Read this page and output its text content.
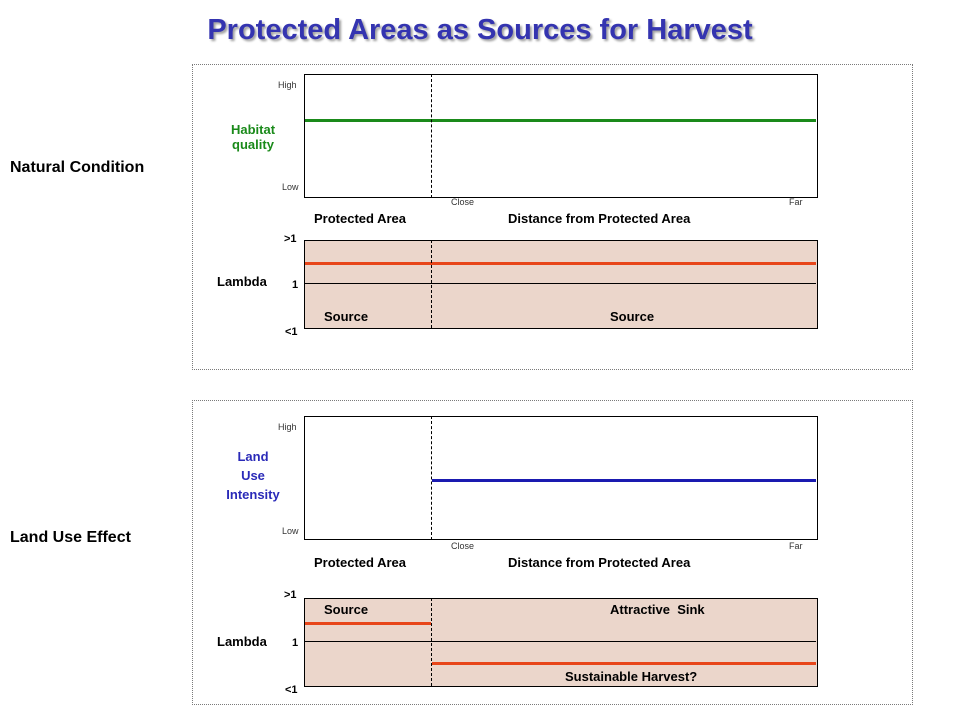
Protected Areas as Sources for Harvest
Natural Condition
High
Low
Habitat
quality
Close	Far
Protected Area	Distance from Protected Area
>1
1
<1
Lambda
Source	Source
Land Use Effect
High
Low
Land
Use
Intensity
Close	Far
Protected Area	Distance from Protected Area
>1
1
<1
Lambda
Source	Attractive  Sink
Sustainable Harvest?
